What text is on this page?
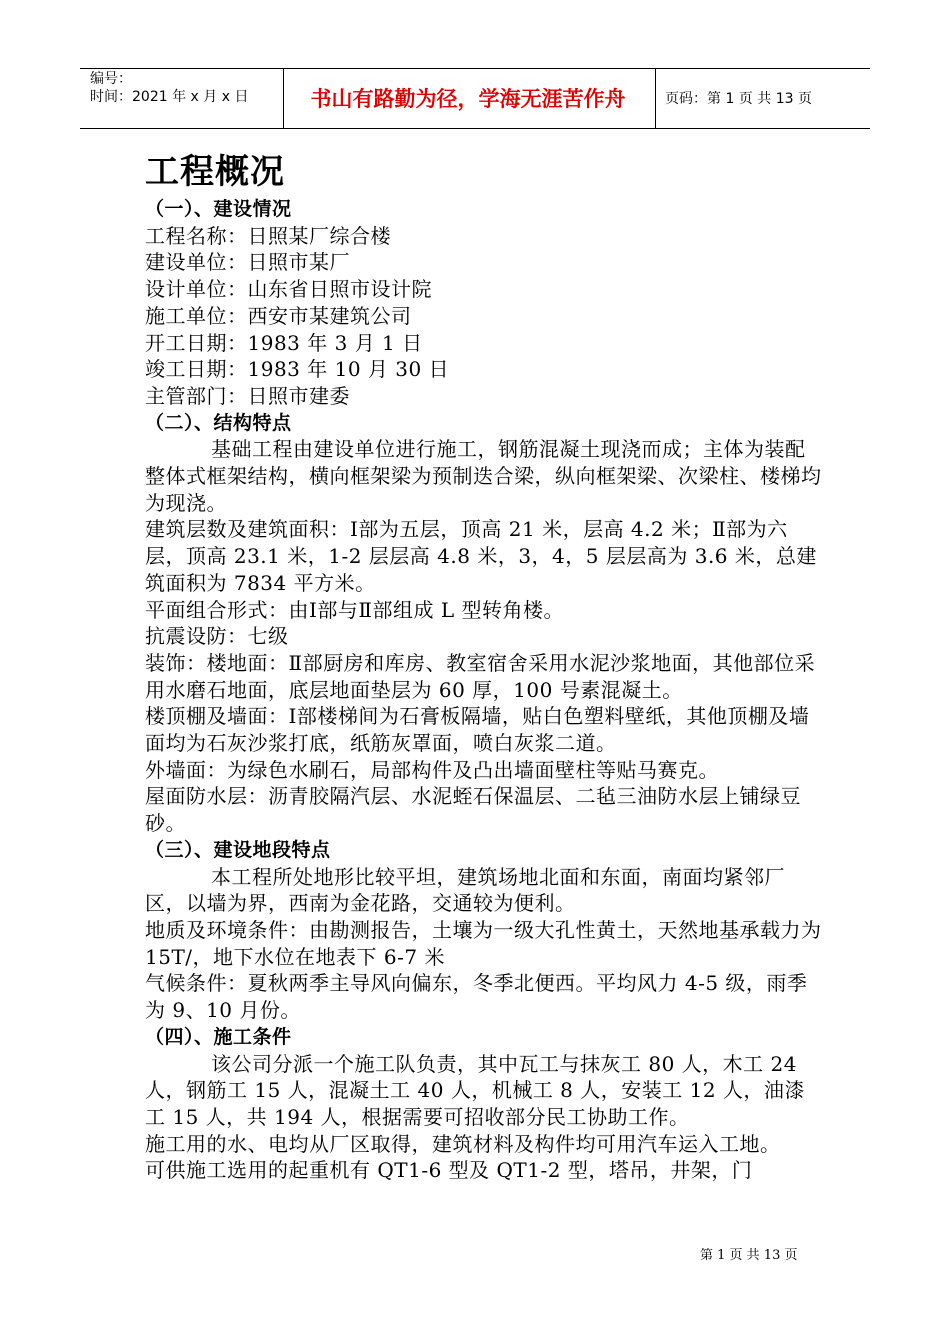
编号：
时间：2021 年 x 月 x 日	书山有路勤为径，学海无涯苦作舟	页码：第 1 页 共 13 页
工程概况
（一）、建设情况
工程名称：日照某厂综合楼
建设单位：日照市某厂
设计单位：山东省日照市设计院
施工单位：西安市某建筑公司
开工日期：1983 年 3 月 1 日
竣工日期：1983 年 10 月 30 日
主管部门：日照市建委
（二）、结构特点
基础工程由建设单位进行施工，钢筋混凝土现浇而成；主体为装配整体式框架结构，横向框架梁为预制迭合梁，纵向框架梁、次梁柱、楼梯均为现浇。
建筑层数及建筑面积：Ⅰ部为五层，顶高 21 米，层高 4.2 米；Ⅱ部为六层，顶高 23.1 米，1-2 层层高 4.8 米，3，4，5 层层高为 3.6 米，总建筑面积为 7834 平方米。
平面组合形式：由Ⅰ部与Ⅱ部组成 L 型转角楼。
抗震设防：七级
装饰：楼地面：Ⅱ部厨房和库房、教室宿舍采用水泥沙浆地面，其他部位采用水磨石地面，底层地面垫层为 60 厚，100 号素混凝土。
楼顶棚及墙面：Ⅰ部楼梯间为石膏板隔墙，贴白色塑料壁纸，其他顶棚及墙面均为石灰沙浆打底，纸筋灰罩面，喷白灰浆二道。
外墙面：为绿色水刷石，局部构件及凸出墙面壁柱等贴马赛克。
屋面防水层：沥青胶隔汽层、水泥蛭石保温层、二毡三油防水层上铺绿豆砂。
（三）、建设地段特点
本工程所处地形比较平坦，建筑场地北面和东面，南面均紧邻厂区，以墙为界，西南为金花路，交通较为便利。
地质及环境条件：由勘测报告，土壤为一级大孔性黄土，天然地基承载力为 15T/，地下水位在地表下 6-7 米
气候条件：夏秋两季主导风向偏东，冬季北便西。平均风力 4-5 级，雨季为 9、10 月份。
（四）、施工条件
该公司分派一个施工队负责，其中瓦工与抹灰工 80 人，木工 24 人，钢筋工 15 人，混凝土工 40 人，机械工 8 人，安装工 12 人，油漆工 15 人，共 194 人，根据需要可招收部分民工协助工作。
施工用的水、电均从厂区取得，建筑材料及构件均可用汽车运入工地。
可供施工选用的起重机有 QT1-6 型及 QT1-2 型，塔吊，井架，门
第 1 页 共 13 页
